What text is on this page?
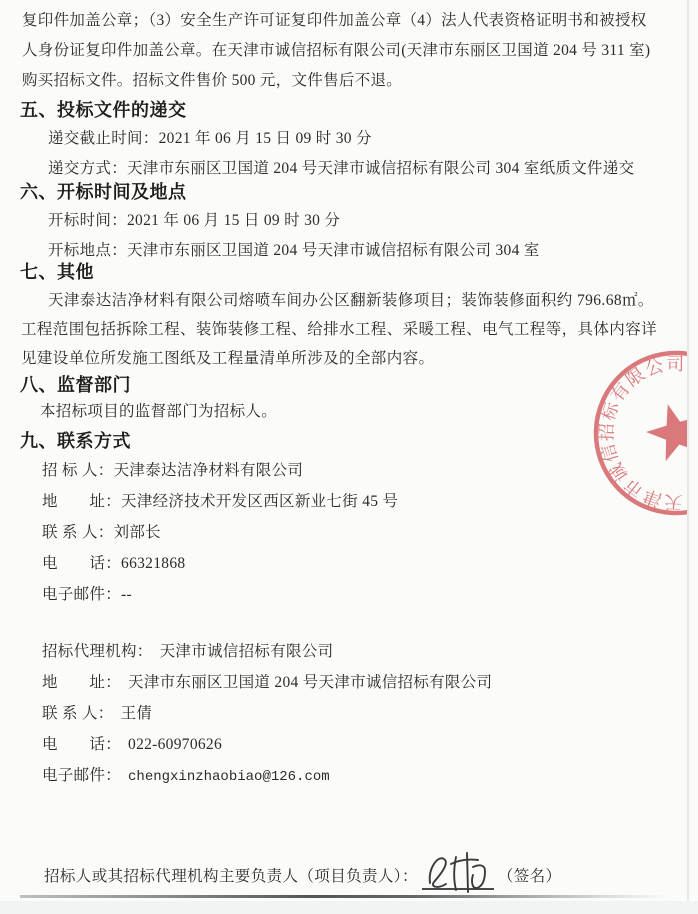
复印件加盖公章；（3）安全生产许可证复印件加盖公章（4）法人代表资格证明书和被授权
人身份证复印件加盖公章。在天津市诚信招标有限公司(天津市东丽区卫国道 204 号 311 室)
购买招标文件。招标文件售价 500 元，文件售后不退。
五、投标文件的递交
递交截止时间：2021 年 06 月 15 日 09 时 30 分
递交方式：天津市东丽区卫国道 204 号天津市诚信招标有限公司 304 室纸质文件递交
六、开标时间及地点
开标时间：2021 年 06 月 15 日 09 时 30 分
开标地点：天津市东丽区卫国道 204 号天津市诚信招标有限公司 304 室
七、其他
天津泰达洁净材料有限公司熔喷车间办公区翻新装修项目；装饰装修面积约 796.68㎡。
工程范围包括拆除工程、装饰装修工程、给排水工程、采暖工程、电气工程等，具体内容详
见建设单位所发施工图纸及工程量清单所涉及的全部内容。
八、监督部门
本招标项目的监督部门为招标人。
九、联系方式
招 标 人：天津泰达洁净材料有限公司
地　　址：天津经济技术开发区西区新业七街 45 号
联 系 人：刘部长
电　　话：66321868
电子邮件：--
招标代理机构： 天津市诚信招标有限公司
地　　址： 天津市东丽区卫国道 204 号天津市诚信招标有限公司
联 系 人： 王倩
电　　话： 022-60970626
电子邮件： chengxinzhaobiao@126.com
招标人或其招标代理机构主要负责人（项目负责人）：	（签名）
天津市诚信招标有限公司
